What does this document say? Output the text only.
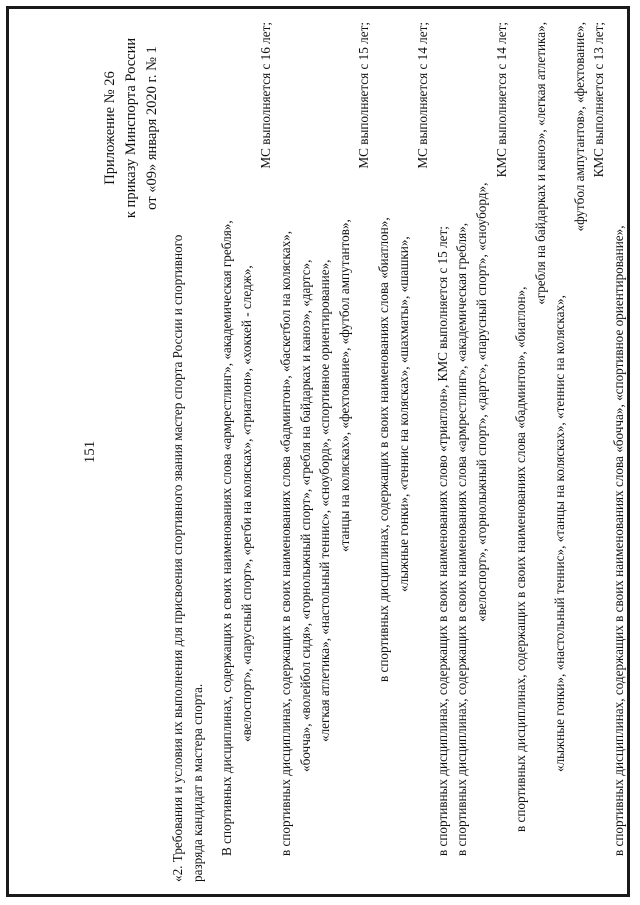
151
Приложение № 26 к приказу Минспорта России от «09» января 2020 г. № 1
«2. Требования и условия их выполнения для присвоения спортивного звания мастер спорта России и спортивного разряда кандидат в мастера спорта. В спортивных дисциплинах, содержащих в своих наименованиях слова «армрестлинг», «академическая гребля», «велоспорт», «парусный спорт», «регби на колясках», «триатлон», «хоккей - следж»,
МС выполняется с 16 лет;
в спортивных дисциплинах, содержащих в своих наименованиях слова «бадминтон», «баскетбол на колясках», «бочча», «волейбол сидя», «горнолыжный спорт», «гребля на байдарках и каноэ», «дартс», «легкая атлетика», «настольный теннис», «сноуборд», «спортивное ориентирование», «танцы на колясках», «фехтование», «футбол ампутантов»,
МС выполняется с 15 лет;
в спортивных дисциплинах, содержащих в своих наименованиях слова «биатлон», «лыжные гонки», «теннис на колясках», «шахматы», «шашки»,
МС выполняется с 14 лет;
в спортивных дисциплинах, содержащих в своих наименованиях слово «триатлон», КМС выполняется с 15 лет; в спортивных дисциплинах, содержащих в своих наименованиях слова «армрестлинг», «академическая гребля», «велоспорт», «горнолыжный спорт», «дартс», «парусный спорт», «сноуборд»,
КМС выполняется с 14 лет;
в спортивных дисциплинах, содержащих в своих наименованиях слова «бадминтон», «биатлон»,
«гребля на байдарках и каноэ», «легкая атлетика»,
«лыжные гонки», «настольный теннис», «танцы на колясках», «теннис на колясках»,
«футбол ампутантов», «фехтование», КМС выполняется с 13 лет;
в спортивных дисциплинах, содержащих в своих наименованиях слова «бочча», «спортивное ориентирование»,
